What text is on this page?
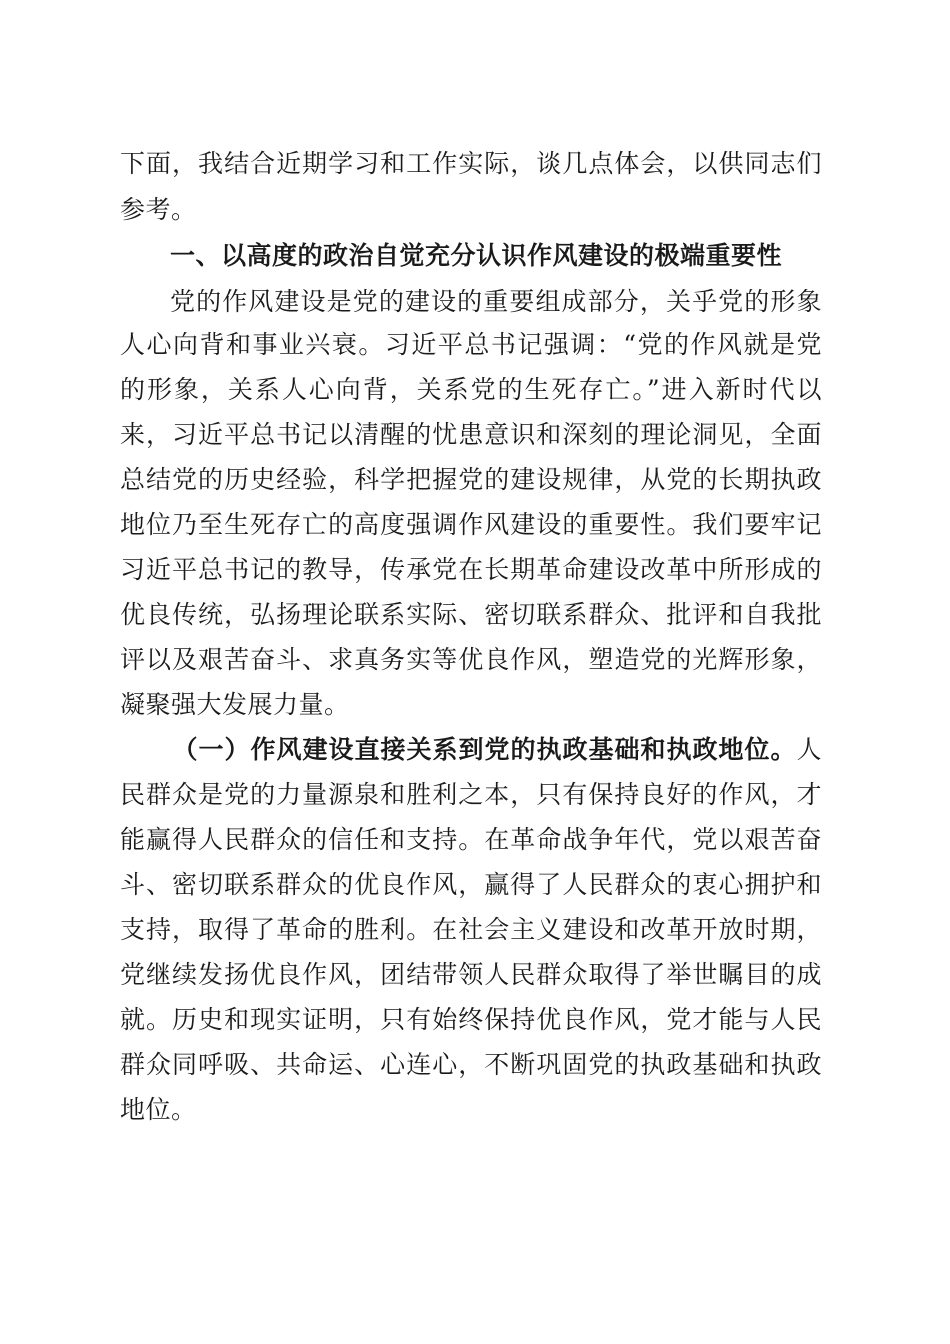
下面，我结合近期学习和工作实际，谈几点体会，以供同志们
参考。
一、以高度的政治自觉充分认识作风建设的极端重要性
党的作风建设是党的建设的重要组成部分，关乎党的形象
人心向背和事业兴衰。习近平总书记强调：“党的作风就是党
的形象，关系人心向背，关系党的生死存亡。”进入新时代以
来，习近平总书记以清醒的忧患意识和深刻的理论洞见，全面
总结党的历史经验，科学把握党的建设规律，从党的长期执政
地位乃至生死存亡的高度强调作风建设的重要性。我们要牢记
习近平总书记的教导，传承党在长期革命建设改革中所形成的
优良传统，弘扬理论联系实际、密切联系群众、批评和自我批
评以及艰苦奋斗、求真务实等优良作风，塑造党的光辉形象，
凝聚强大发展力量。
（一）作风建设直接关系到党的执政基础和执政地位。人
民群众是党的力量源泉和胜利之本，只有保持良好的作风，才
能赢得人民群众的信任和支持。在革命战争年代，党以艰苦奋
斗、密切联系群众的优良作风，赢得了人民群众的衷心拥护和
支持，取得了革命的胜利。在社会主义建设和改革开放时期，
党继续发扬优良作风，团结带领人民群众取得了举世瞩目的成
就。历史和现实证明，只有始终保持优良作风，党才能与人民
群众同呼吸、共命运、心连心，不断巩固党的执政基础和执政
地位。
